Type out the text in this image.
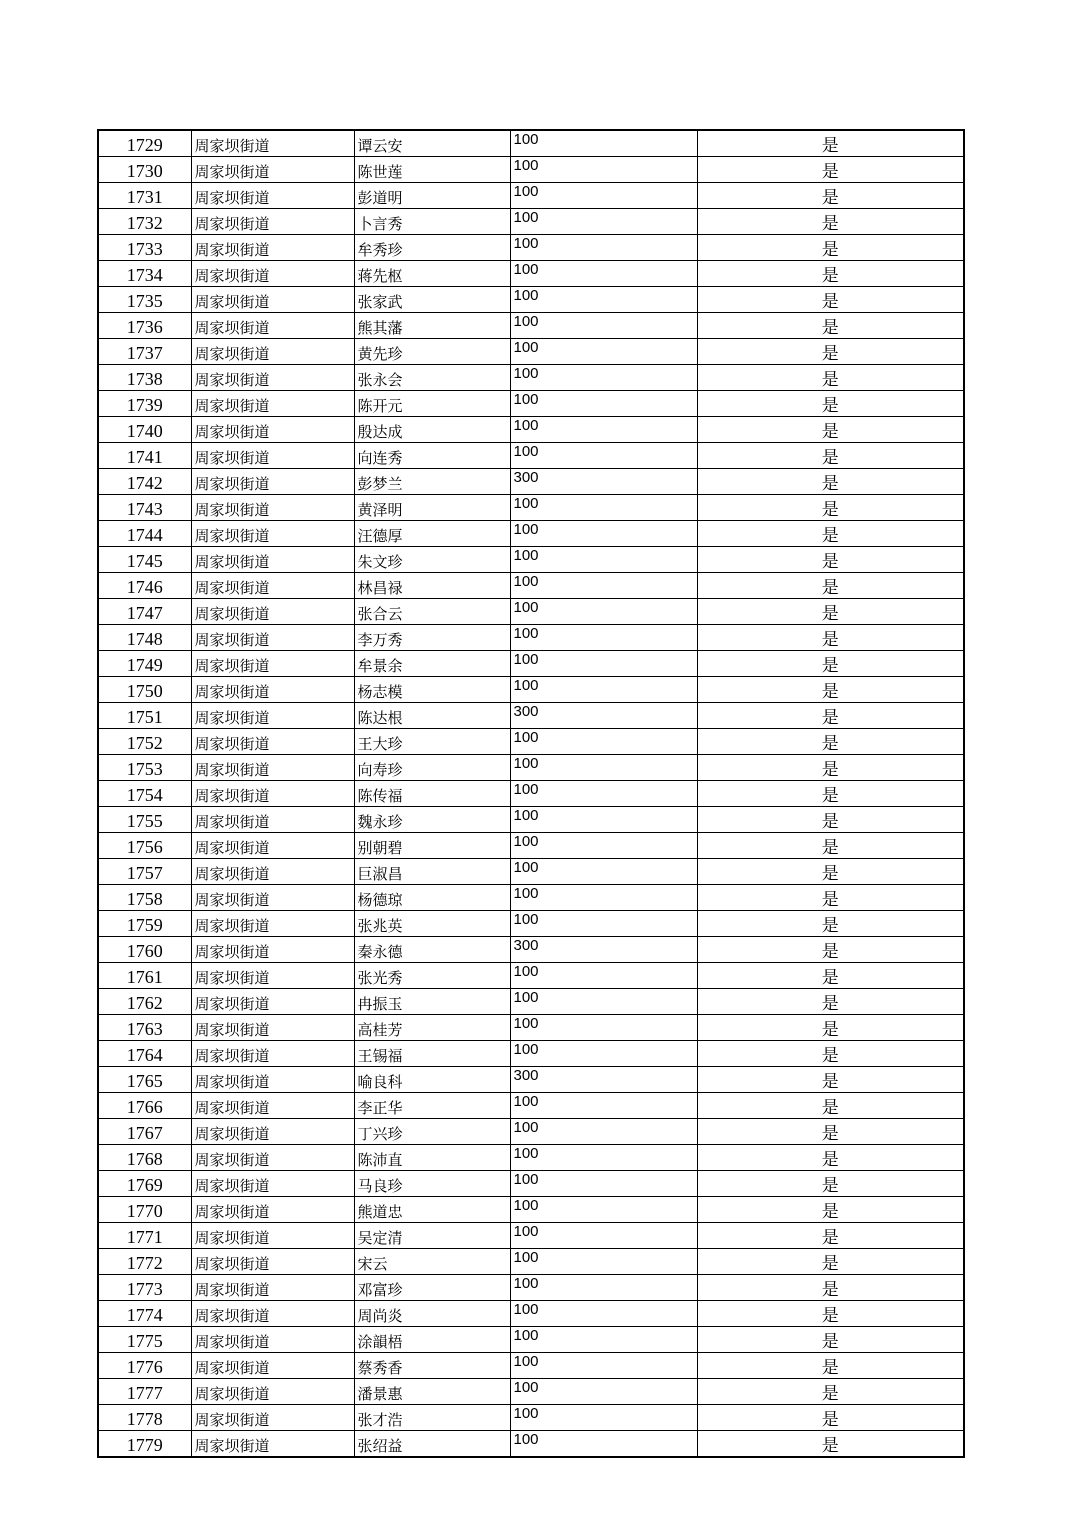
1729	周家坝街道	谭云安	100	是
1730	周家坝街道	陈世莲	100	是
1731	周家坝街道	彭道明	100	是
1732	周家坝街道	卜言秀	100	是
1733	周家坝街道	牟秀珍	100	是
1734	周家坝街道	蒋先枢	100	是
1735	周家坝街道	张家武	100	是
1736	周家坝街道	熊其藩	100	是
1737	周家坝街道	黄先珍	100	是
1738	周家坝街道	张永会	100	是
1739	周家坝街道	陈开元	100	是
1740	周家坝街道	殷达成	100	是
1741	周家坝街道	向连秀	100	是
1742	周家坝街道	彭梦兰	300	是
1743	周家坝街道	黄泽明	100	是
1744	周家坝街道	汪德厚	100	是
1745	周家坝街道	朱文珍	100	是
1746	周家坝街道	林昌禄	100	是
1747	周家坝街道	张合云	100	是
1748	周家坝街道	李万秀	100	是
1749	周家坝街道	牟景余	100	是
1750	周家坝街道	杨志模	100	是
1751	周家坝街道	陈达根	300	是
1752	周家坝街道	王大珍	100	是
1753	周家坝街道	向寿珍	100	是
1754	周家坝街道	陈传福	100	是
1755	周家坝街道	魏永珍	100	是
1756	周家坝街道	别朝碧	100	是
1757	周家坝街道	巨淑昌	100	是
1758	周家坝街道	杨德琼	100	是
1759	周家坝街道	张兆英	100	是
1760	周家坝街道	秦永德	300	是
1761	周家坝街道	张光秀	100	是
1762	周家坝街道	冉振玉	100	是
1763	周家坝街道	高桂芳	100	是
1764	周家坝街道	王锡福	100	是
1765	周家坝街道	喻良科	300	是
1766	周家坝街道	李正华	100	是
1767	周家坝街道	丁兴珍	100	是
1768	周家坝街道	陈沛直	100	是
1769	周家坝街道	马良珍	100	是
1770	周家坝街道	熊道忠	100	是
1771	周家坝街道	吴定清	100	是
1772	周家坝街道	宋云	100	是
1773	周家坝街道	邓富珍	100	是
1774	周家坝街道	周尚炎	100	是
1775	周家坝街道	涂韻梧	100	是
1776	周家坝街道	蔡秀香	100	是
1777	周家坝街道	潘景惠	100	是
1778	周家坝街道	张才浩	100	是
1779	周家坝街道	张绍益	100	是
